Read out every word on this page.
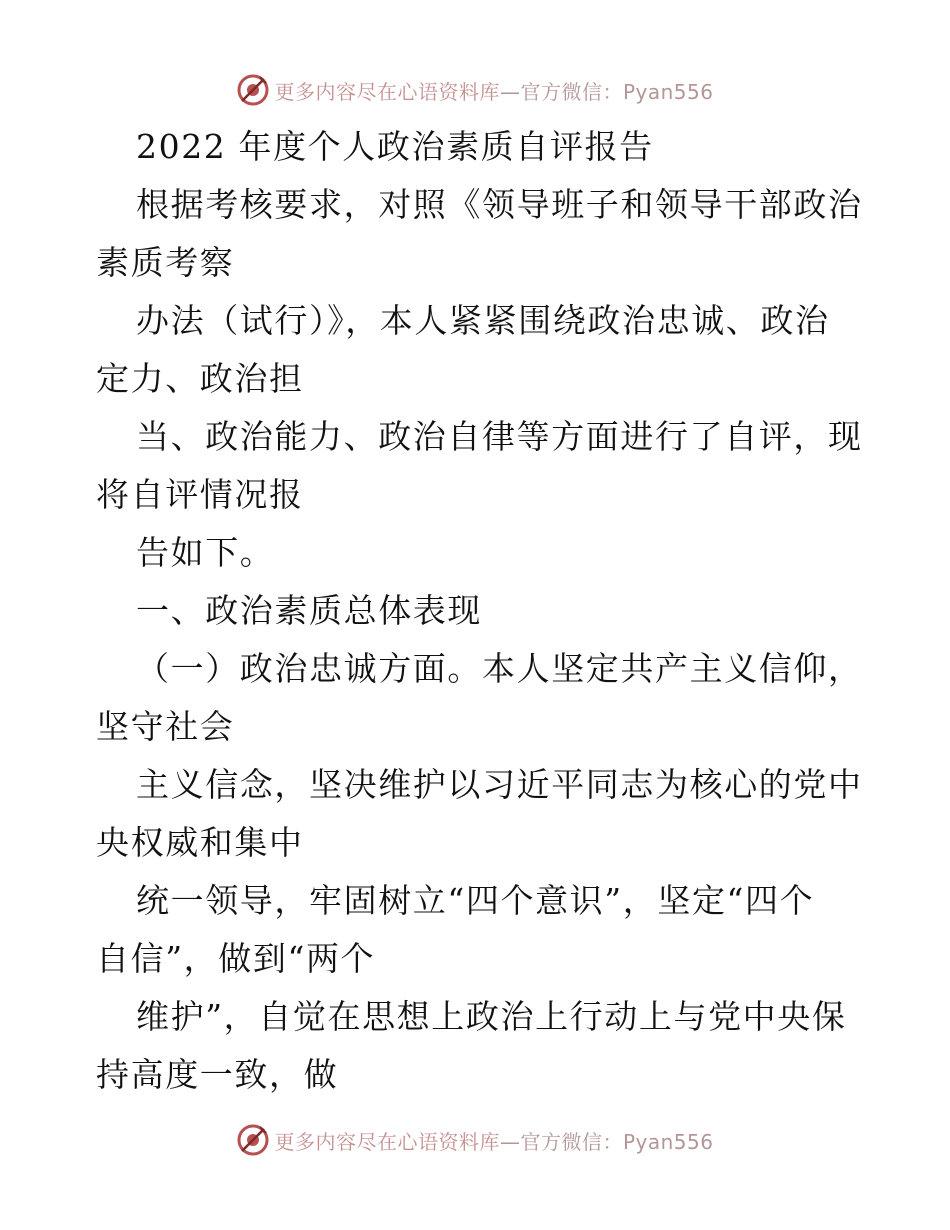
更多内容尽在心语资料库—官方微信：Pyan556
2022 年度个人政治素质自评报告
根据考核要求，对照《领导班子和领导干部政治
素质考察
办法（试行）》，本人紧紧围绕政治忠诚、政治
定力、政治担
当、政治能力、政治自律等方面进行了自评，现
将自评情况报
告如下。
一、政治素质总体表现
（一）政治忠诚方面。本人坚定共产主义信仰，
坚守社会
主义信念，坚决维护以习近平同志为核心的党中
央权威和集中
统一领导，牢固树立“四个意识”，坚定“四个
自信”，做到“两个
维护”，自觉在思想上政治上行动上与党中央保
持高度一致，做
更多内容尽在心语资料库—官方微信：Pyan556
